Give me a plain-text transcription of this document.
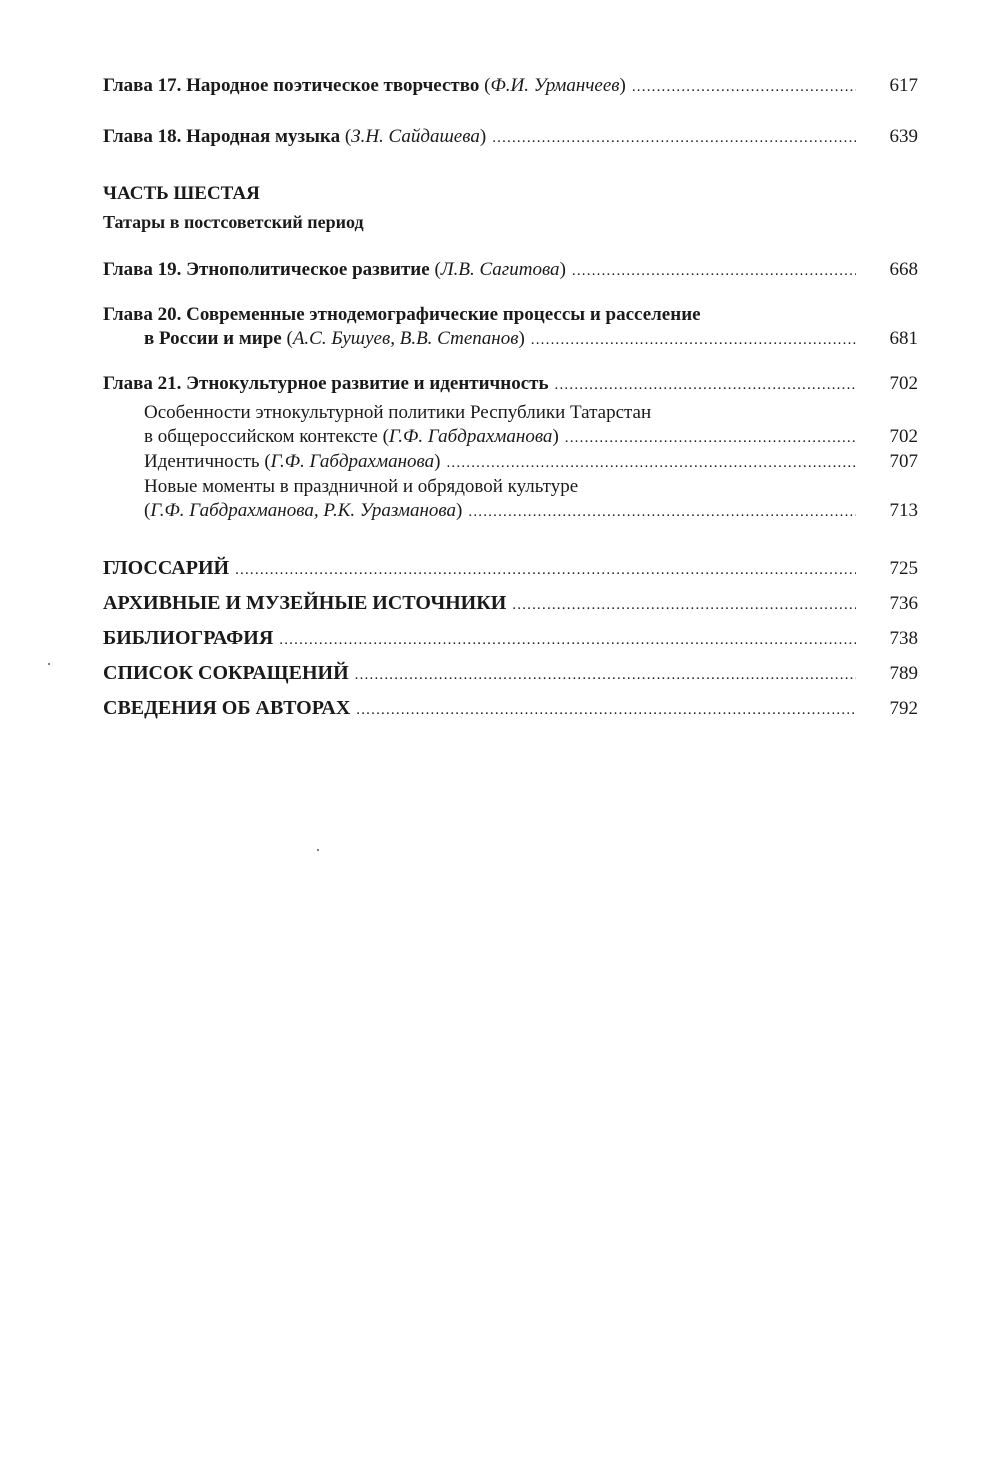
Глава 17. Народное поэтическое творчество (Ф.И. Урманчеев) .....	617
Глава 18. Народная музыка (З.Н. Сайдашева) .....	639
ЧАСТЬ ШЕСТАЯ
Татары в постсоветский период
Глава 19. Этнополитическое развитие (Л.В. Сагитова) .....	668
Глава 20. Современные этнодемографические процессы и расселение
в России и мире (А.С. Бушуев, В.В. Степанов) .....	681
Глава 21. Этнокультурное развитие и идентичность .....	702
Особенности этнокультурной политики Республики Татарстан
в общероссийском контексте (Г.Ф. Габдрахманова) .....	702
Идентичность (Г.Ф. Габдрахманова) .....	707
Новые моменты в праздничной и обрядовой культуре
(Г.Ф. Габдрахманова, Р.К. Уразманова) .....	713
ГЛОССАРИЙ .....	725
АРХИВНЫЕ И МУЗЕЙНЫЕ ИСТОЧНИКИ .....	736
БИБЛИОГРАФИЯ .....	738
СПИСОК СОКРАЩЕНИЙ .....	789
СВЕДЕНИЯ ОБ АВТОРАХ .....	792
